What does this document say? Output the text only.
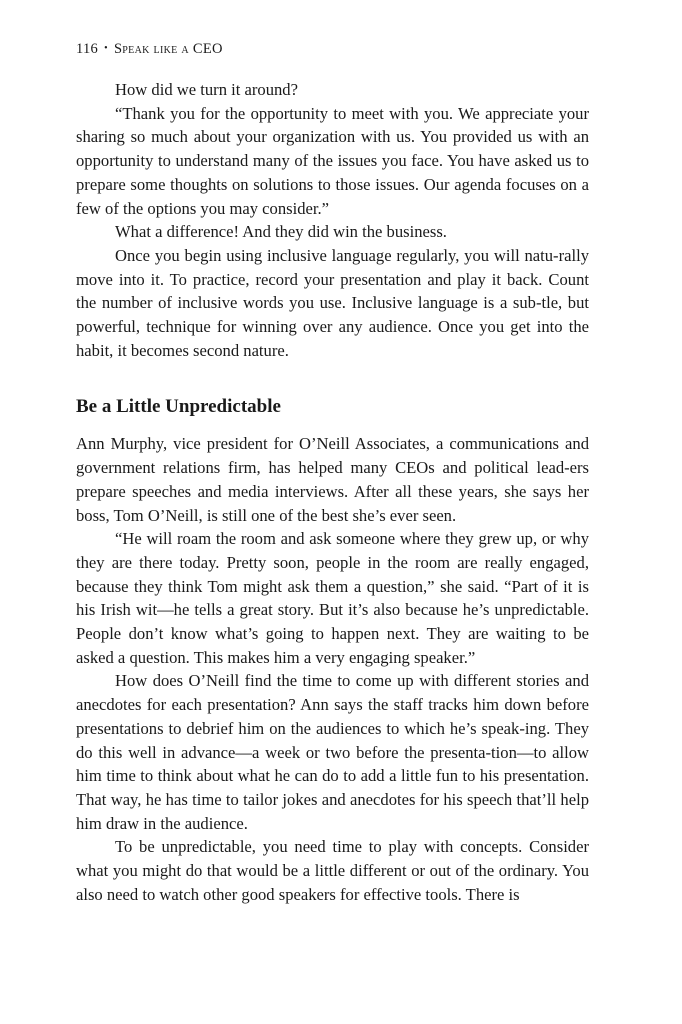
116 • Speak like a CEO

How did we turn it around?

“Thank you for the opportunity to meet with you. We appreciate your sharing so much about your organization with us. You provided us with an opportunity to understand many of the issues you face. You have asked us to prepare some thoughts on solutions to those issues. Our agenda focuses on a few of the options you may consider.”

What a difference! And they did win the business.

Once you begin using inclusive language regularly, you will natu-rally move into it. To practice, record your presentation and play it back. Count the number of inclusive words you use. Inclusive language is a sub-tle, but powerful, technique for winning over any audience. Once you get into the habit, it becomes second nature.

Be a Little Unpredictable

Ann Murphy, vice president for O’Neill Associates, a communications and government relations firm, has helped many CEOs and political lead-ers prepare speeches and media interviews. After all these years, she says her boss, Tom O’Neill, is still one of the best she’s ever seen.

“He will roam the room and ask someone where they grew up, or why they are there today. Pretty soon, people in the room are really engaged, because they think Tom might ask them a question,” she said. “Part of it is his Irish wit—he tells a great story. But it’s also because he’s unpredictable. People don’t know what’s going to happen next. They are waiting to be asked a question. This makes him a very engaging speaker.”

How does O’Neill find the time to come up with different stories and anecdotes for each presentation? Ann says the staff tracks him down before presentations to debrief him on the audiences to which he’s speak-ing. They do this well in advance—a week or two before the presenta-tion—to allow him time to think about what he can do to add a little fun to his presentation. That way, he has time to tailor jokes and anecdotes for his speech that’ll help him draw in the audience.

To be unpredictable, you need time to play with concepts. Consider what you might do that would be a little different or out of the ordinary. You also need to watch other good speakers for effective tools. There is
